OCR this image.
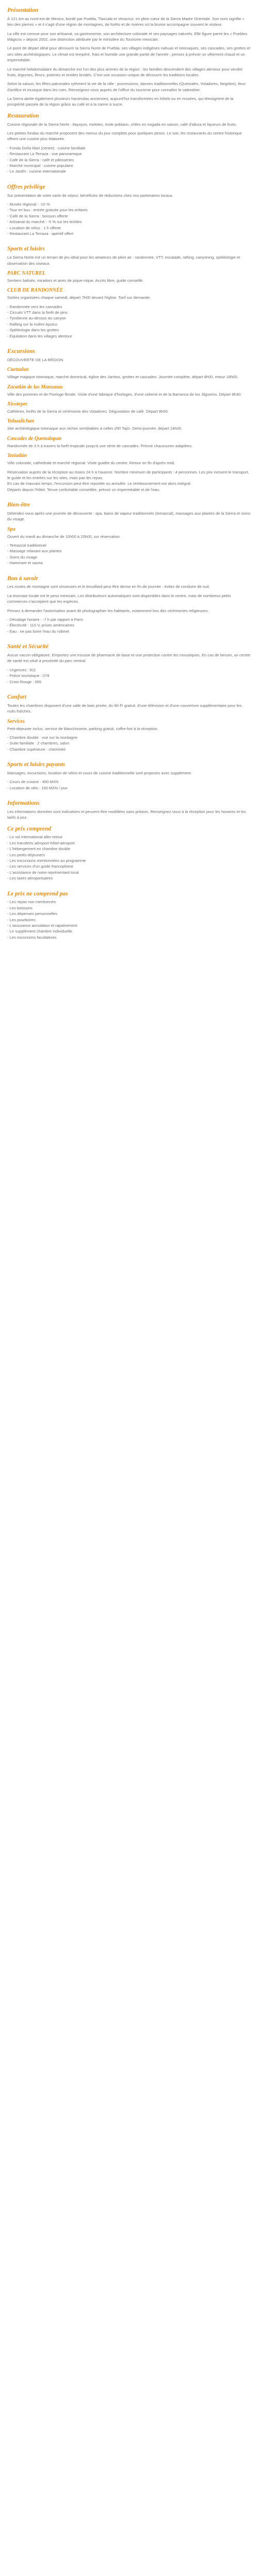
Présentation

À 121 km au nord-est de Mexico, bordé par Puebla, Tlaxcala et Veracruz, en plein cœur de la Sierra Madre Orientale. Son nom signifie « lieu des pierres » et il s'agit d'une région de montagnes, de forêts et de rivières où la brume accompagne souvent le visiteur.

La ville est connue pour son artisanat, sa gastronomie, son architecture coloniale et ses paysages naturels. Elle figure parmi les « Pueblos Mágicos » depuis 2002, une distinction attribuée par le ministère du Tourisme mexicain.

Le point de départ idéal pour découvrir la Sierra Norte de Puebla, ses villages indigènes nahuas et totonaques, ses cascades, ses grottes et ses sites archéologiques. Le climat est tempéré, frais et humide une grande partie de l'année ; pensez à prévoir un vêtement chaud et un imperméable.

Le marché hebdomadaire du dimanche est l'un des plus animés de la région : les familles descendent des villages alentour pour vendre fruits, légumes, fleurs, poteries et textiles brodés. C'est une occasion unique de découvrir les traditions locales.

Selon la saison, les fêtes patronales rythment la vie de la ville : processions, danses traditionnelles (Quetzales, Voladores, Negritos), feux d'artifice et musique dans les rues. Renseignez-vous auprès de l'office du tourisme pour connaître le calendrier.

La Sierra abrite également plusieurs haciendas anciennes, aujourd'hui transformées en hôtels ou en musées, qui témoignent de la prospérité passée de la région grâce au café et à la canne à sucre.

Restauration

Cuisine régionale de la Sierra Norte : tlayoyos, molotes, mole poblano, chiles en nogada en saison, café d'altura et liqueurs de fruits.

Les petites fondas du marché proposent des menus du jour complets pour quelques pesos. Le soir, les restaurants du centre historique offrent une cuisine plus élaborée.

- Fonda Doña Mari (centre) : cuisine familiale

- Restaurant La Terraza : vue panoramique

- Café de la Sierra : café et pâtisseries

- Marché municipal : cuisine populaire

- Le Jardín : cuisine internationale

Offres privilège

Sur présentation de votre carte de séjour, bénéficiez de réductions chez nos partenaires locaux.

- Musée régional : -10 %

- Tour en bus : entrée gratuite pour les enfants

- Café de la Sierra : boisson offerte

- Artisanat du marché : -5 % sur les textiles

- Location de vélos : 1 h offerte

- Restaurant La Terraza : apéritif offert

Sports et loisirs

La Sierra Norte est un terrain de jeu idéal pour les amateurs de plein air : randonnée, VTT, escalade, rafting, canyoning, spéléologie et observation des oiseaux.

PARC NATUREL

Sentiers balisés, miradors et aires de pique-nique. Accès libre, guide conseillé.

CLUB DE RANDONNÉE

Sorties organisées chaque samedi, départ 7h00 devant l'église. Tarif sur demande.

- Randonnée vers les cascades

- Circuits VTT dans la forêt de pins

- Tyrolienne au-dessus du canyon

- Rafting sur la rivière Apulco

- Spéléologie dans les grottes

- Équitation dans les villages alentour

Excursions

DÉCOUVERTE DE LA RÉGION

Cuetzalan

Village magique totonaque, marché dominical, église des Jarritos, grottes et cascades. Journée complète, départ 8h00, retour 18h00.

Zacatlán de las Manzanas

Ville des pommes et de l'horloge florale. Visite d'une fabrique d'horloges, d'une cidrerie et de la Barranca de los Jilgueros. Départ 8h30.

Xicotepec

Caféières, forêts de la Sierra et cérémonie des Voladores. Dégustation de café. Départ 9h00.

Yohualichan

Site archéologique totonaque aux niches semblables à celles d'El Tajín. Demi-journée, départ 14h00.

Cascades de Quetzalapan

Randonnée de 3 h à travers la forêt tropicale jusqu'à une série de cascades. Prévoir chaussures adaptées.

Teziutlán

Ville coloniale, cathédrale et marché régional. Visite guidée du centre. Retour en fin d'après-midi.

Réservation auprès de la réception au moins 24 h à l'avance. Nombre minimum de participants : 4 personnes. Les prix incluent le transport, le guide et les entrées sur les sites, mais pas les repas.

En cas de mauvais temps, l'excursion peut être reportée ou annulée. Le remboursement est alors intégral.

Départs depuis l'hôtel. Tenue confortable conseillée, prévoir un imperméable et de l'eau.

Bien-être

Détendez-vous après une journée de découverte : spa, bains de vapeur traditionnels (temazcal), massages aux plantes de la Sierra et soins du visage.

Spa

Ouvert du mardi au dimanche de 10h00 à 20h00, sur réservation.

- Temazcal traditionnel

- Massage relaxant aux plantes

- Soins du visage

- Hammam et sauna

Bon à savoir

Les routes de montagne sont sinueuses et le brouillard peut être dense en fin de journée : évitez de conduire de nuit.

La monnaie locale est le peso mexicain. Les distributeurs automatiques sont disponibles dans le centre, mais de nombreux petits commerces n'acceptent que les espèces.

Pensez à demander l'autorisation avant de photographier les habitants, notamment lors des cérémonies religieuses.

- Décalage horaire : -7 h par rapport à Paris

- Électricité : 110 V, prises américaines

- Eau : ne pas boire l'eau du robinet

Santé et Sécurité

Aucun vaccin obligatoire. Emportez une trousse de pharmacie de base et une protection contre les moustiques. En cas de besoin, un centre de santé est situé à proximité du parc central.

- Urgences : 911

- Police touristique : 078

- Croix-Rouge : 065

Confort

Toutes les chambres disposent d'une salle de bain privée, du Wi-Fi gratuit, d'une télévision et d'une couverture supplémentaire pour les nuits fraîches.

Services

Petit-déjeuner inclus, service de blanchisserie, parking gratuit, coffre-fort à la réception.

- Chambre double : vue sur la montagne

- Suite familiale : 2 chambres, salon

- Chambre supérieure : cheminée

Sports et loisirs payants

Massages, excursions, location de vélos et cours de cuisine traditionnelle sont proposés avec supplément.

- Cours de cuisine : 450 MXN

- Location de vélo : 150 MXN / jour

Informations

Les informations données sont indicatives et peuvent être modifiées sans préavis. Renseignez-vous à la réception pour les horaires et les tarifs à jour.

Ce prix comprend

- Le vol international aller-retour

- Les transferts aéroport-hôtel-aéroport

- L'hébergement en chambre double

- Les petits-déjeuners

- Les excursions mentionnées au programme

- Les services d'un guide francophone

- L'assistance de notre représentant local

- Les taxes aéroportuaires

Le prix ne comprend pas

- Les repas non mentionnés

- Les boissons

- Les dépenses personnelles

- Les pourboires

- L'assurance annulation et rapatriement

- Le supplément chambre individuelle

- Les excursions facultatives
